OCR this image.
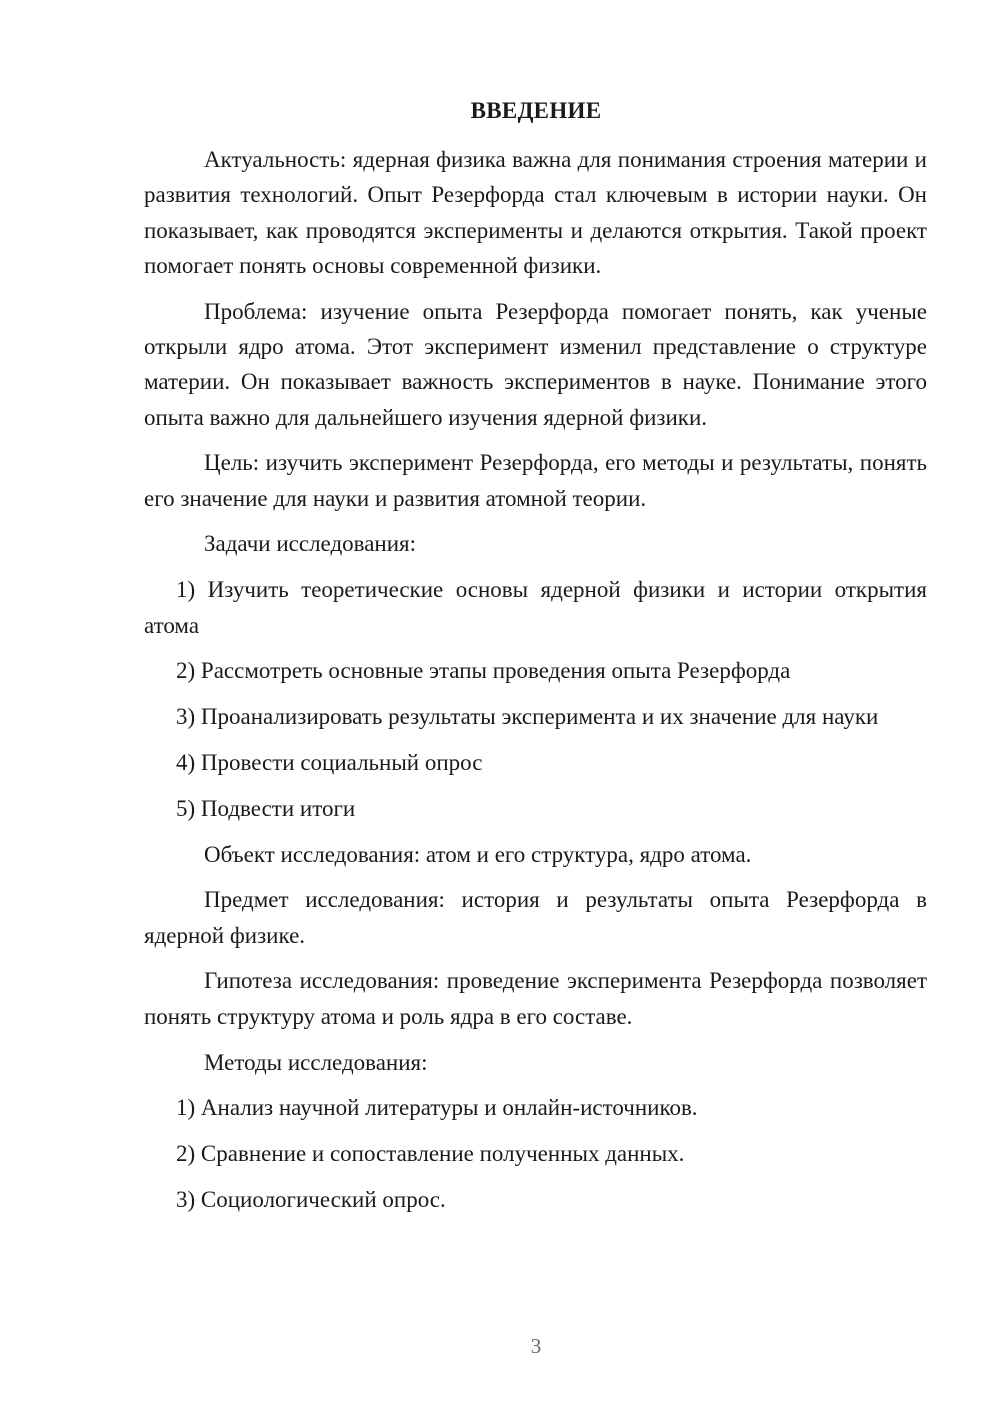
ВВЕДЕНИЕ

Актуальность: ядерная физика важна для понимания строения материи и развития технологий. Опыт Резерфорда стал ключевым в истории науки. Он показывает, как проводятся эксперименты и делаются открытия. Такой проект помогает понять основы современной физики.

Проблема: изучение опыта Резерфорда помогает понять, как ученые открыли ядро атома. Этот эксперимент изменил представление о структуре материи. Он показывает важность экспериментов в науке. Понимание этого опыта важно для дальнейшего изучения ядерной физики.

Цель: изучить эксперимент Резерфорда, его методы и результаты, понять его значение для науки и развития атомной теории.

Задачи исследования:

1) Изучить теоретические основы ядерной физики и истории открытия атома

2) Рассмотреть основные этапы проведения опыта Резерфорда

3) Проанализировать результаты эксперимента и их значение для науки

4) Провести социальный опрос

5) Подвести итоги

Объект исследования: атом и его структура, ядро атома.

Предмет исследования: история и результаты опыта Резерфорда в ядерной физике.

Гипотеза исследования: проведение эксперимента Резерфорда позволяет понять структуру атома и роль ядра в его составе.

Методы исследования:

1) Анализ научной литературы и онлайн-источников.

2) Сравнение и сопоставление полученных данных.

3) Социологический опрос.

3
